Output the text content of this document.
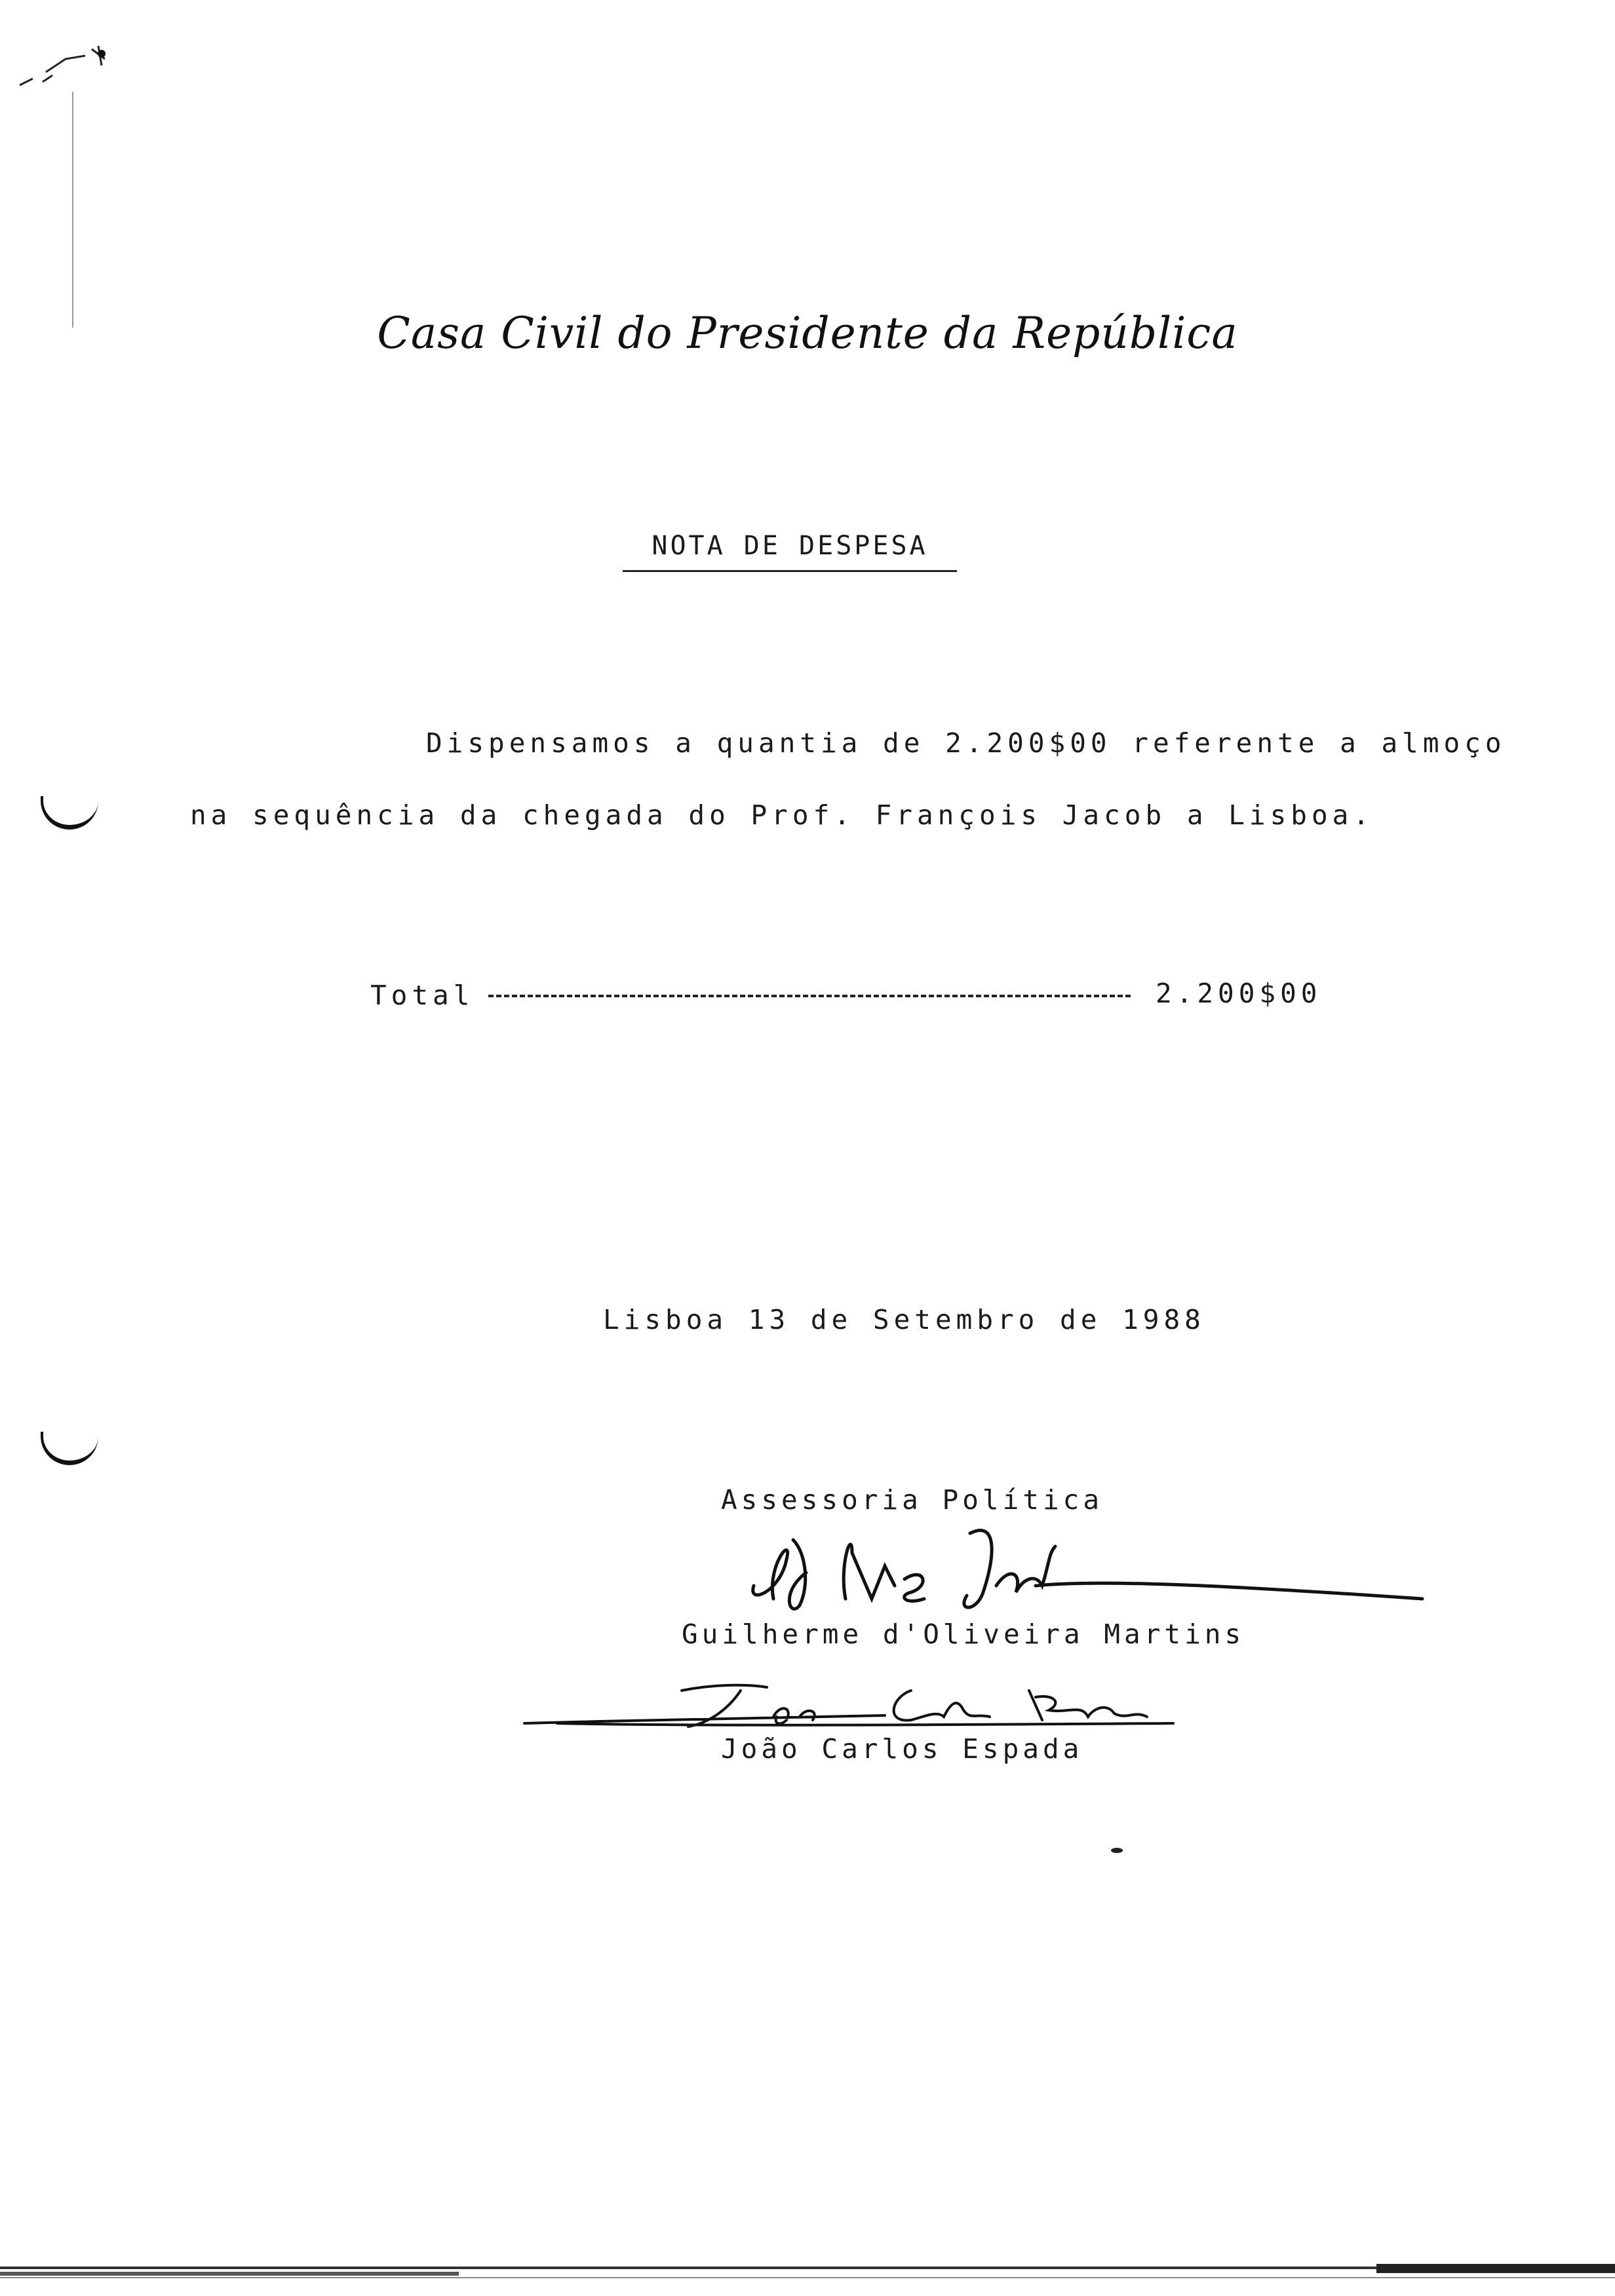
Casa Civil do Presidente da República
NOTA DE DESPESA
Dispensamos a quantia de 2.200$00 referente a almoço
na sequência da chegada do Prof. François Jacob a Lisboa.
Total	2.200$00
Lisboa 13 de Setembro de 1988
Assessoria Política
Guilherme d'Oliveira Martins
João Carlos Espada
